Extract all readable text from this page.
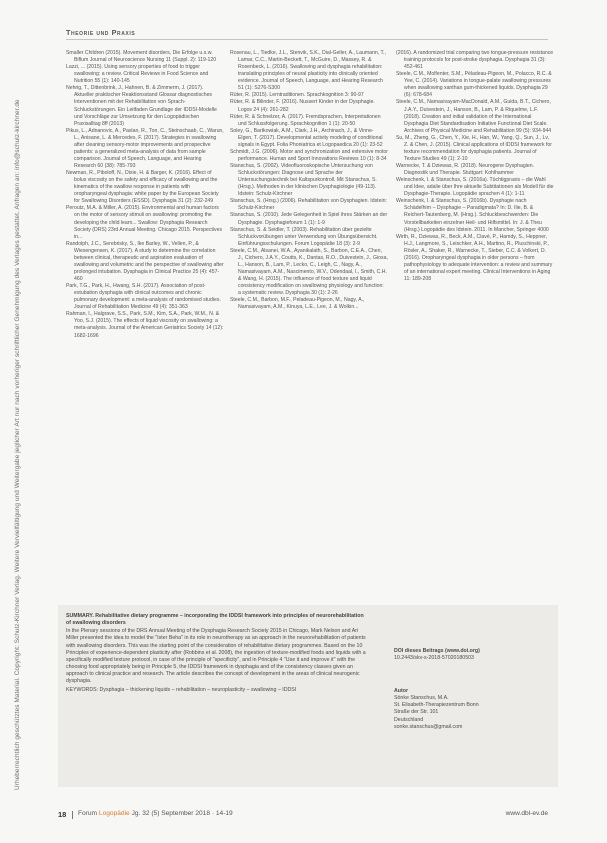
Urheberrechtlich geschütztes Material. Copyright: Schulz-Kirchner Verlag. Weitere Vervielfältigung und Weitergabe jeglicher Art nur nach vorheriger schriftlicher Genehmigung des Verlages gestattet. Anfragen an: info@schulz-kirchner.de
Theorie und Praxis

Smaller Children (2015). Movement disorders, Die Erfolge u.s.w. Biflum Journal of Neuroscience Nursing 11 (Suppl. 2): 119-120

Lazzi, ... (2015). Using sensory properties of food to trigger swallowing: a review. Critical Reviews in Food Science and Nutrition 55 (1): 140-145

Nehrig, T., Dittenbrink, J., Hahnen, B. & Zimmerm, J. (2017). Aktueller praktischer Reaktionsstand Glossar diagnostisches Interventionen mit der Rehabilitation von Sprach-Schluckstörungen. Ein Leitfaden Grundlage der IDDSI-Modelle und Vorschläge zur Umsetzung für den Logopädischen Praxisalltag 8ff (2013)

Pikus, L., Adnanovic, A., Paslan, R., Ton, C., Steinschaab, C., Warun, L., Anisane, L. & Mercedes, F. (2017). Strategies in swallowing after cleaning sensory-motor improvements and prospective patients: a generalized meta-analysis of data from sample comparison. Journal of Speech, Language, and Hearing Research 60 (38): 785-793

Newman, R., Piboloff, N., Dixie, H. & Barger, K. (2016). Effect of bolus viscosity on the safety and efficacy of swallowing and the kinematics of the swallow response in patients with oropharyngeal dysphagia: white paper by the European Society for Swallowing Disorders (ESSD). Dysphagia 31 (2): 232-249

Peroutz, M.A. & Miller, A. (2015). Environmental and human factors on the motor of sensory stimuli on swallowing: promoting the developing the child learn... Swallow: Dysphagia Research Society (DRS) 23rd Annual Meeting. Chicago 2015. Perspectives in...

Randolph, J.C., Serebrisky, S., Ike Barley, W., Vellen, P., & Wiesengensen, K. (2017). A study to determine the correlation between clinical, therapeutic and aspiration evaluation of swallowing and volumetric and the perspective of swallowing after prolonged intubation. Dysphagia in Clinical Practice 25 (4): 457-460

Park, T.G., Park, H., Hwang, S.H. (2017). Association of post-extubation dysphagia with clinical outcomes and chronic pulmonary development: a meta-analysis of randomised studies. Journal of Rehabilitation Medicine 49 (4): 351-363

Rahman, I., Halgrave, S.S., Park, S.M., Kim, S.A., Park, W.M., N. & Yoo, S.J. (2015). The effects of liquid viscosity on swallowing: a meta-analysis. Journal of the American Geriatrics Society 14 (12): 1682-1696

Rosenau, L., Tiedke, J.L., Stenvik, S.K., Dial-Geller, A., Laumann, T., Lamar, C.C., Martin-Beckett, T., McGuire, D., Massey, R. & Rosenbeck, L. (2016). Swallowing and dysphagia rehabilitation: translating principles of neural plasticity into clinically oriented evidence. Journal of Speech, Language, and Hearing Research 51 (1): S276-S300

Rüter, R. (2015). Lerntraditionen. Sprachkognition 3: 90-97

Rüter, R. & Bilinder, F. (2016). Nussert Kinder in der Dysphagie. Logos 24 (4): 261-282

Rüter, R. & Schnelzer, A. (2017). Fremdsprachen, Interpretationen und Schlussfolgerung. Sprachkognition 1 (1): 20-50

Soley, G., Bartkowiak, A.M., Clark, J.H., Archinach, J., & Vinne-Elgen, T. (2017). Developmental activity modeling of conditional signals in Egypt. Folia Phoniatrica et Logopaedica 20 (1): 23-52

Schmidt, J.G. (2006). Motor and synchronization and extensive motor performance. Human and Sport Innovations Reviews 10 (1): 8-34

Stanschus, S. (2002). Videofluoroskopische Untersuchung von Schluckstörungen: Diagnose und Sprache der Untersuchungstechnik bei Kaltspurkontroll. Mit Stanschus, S. (Hrsg.). Methoden in der klinischen Dysphagiologie (49-113). Idstein: Schulz-Kirchner

Stanschus, S. (Hrsg.) (2006). Rehabilitation von Dysphagien. Idstein: Schulz-Kirchner

Stanschus, S. (2010). Jede Gelegenheit in Spiel ihres Stärken an der Dysphagie. Dysphagieforum 1 (1): 1-9

Stanschus, S. & Seidler, T. (2003). Rehabilitation über gezielte Schluckvorübungen unter Verwendung von Übungsübersicht. Einführungsschulungen. Forum Logopädie 18 (3): 2-9

Steele, C.M., Alsanei, W.A., Ayanikalath, S., Barbon, C.E.A., Chen, J., Cichero, J.A.Y., Coutts, K., Dantas, R.O., Duivestein, J., Giosa, L., Hanson, B., Lam, P., Lecko, C., Leigh, C., Nagy, A., Namasivayam, A.M., Nascimento, W.V., Odendaal, I., Smith, C.H. & Wang, H. (2015). The influence of food texture and liquid consistency modification on swallowing physiology and function: a systematic review. Dysphagia 30 (1): 2-26

Steele, C.M., Barbon, M.F., Peladeau-Pigeon, M., Nagy, A., Namasivayam, A.M., Kinuya, L.E., Lee, J. & Wolkin...

(2016). A randomized trial comparing two tongue-pressure resistance training protocols for post-stroke dysphagia. Dysphagia 31 (3): 452-461

Steele, C.M., Molfenter, S.M., Péladeau-Pigeon, M., Polacco, R.C. & Yee, C. (2014). Variations in tongue-palate swallowing pressures when swallowing xanthan gum-thickened liquids. Dysphagia 29 (6): 678-684

Steele, C.M., Namasivayam-MacDonald, A.M., Guida, B.T., Cichero, J.A.Y., Duivestein, J., Hanson, B., Lam, P. & Riquelme, L.F. (2018). Creation and initial validation of the International Dysphagia Diet Standardisation Initiative Functional Diet Scale. Archives of Physical Medicine and Rehabilitation 99 (5): 934-944

Su, M., Zheng, G., Chen, Y., Xie, H., Han, W., Yang, Q., Sun, J., Lv, Z. & Chen, J. (2015). Clinical applications of IDDSI framework for texture recommendation for dysphagia patients. Journal of Texture Studies 49 (1): 2-10

Warnecke, T. & Dziewas, R. (2018). Neurogene Dysphagien. Diagnostik und Therapie. Stuttgart: Kohlhammer

Weinschenk, I. & Stanschus, S. (2016a). Tüchtigpraxis – die Wahl und Idee, adalie über Ihre aktuelle Subtitationen als Modell für die Dysphagie-Therapie. Logopädie sprachen 4 (1): 1-11

Weinschenk, I. & Stanschus, S. (2016b). Dysphagie nach Schädelhirn – Dysphagie – Paradigmata? In: D. Ilie, B. & Reichert-Tautenberg, M. (Hrsg.). Schluckbeschwerden: Die Vorstellbarkeiten einzelner Heil- und Hilfsmittel. In: J. & Theu (Hrsg.) Logopädie des Idstein. 2011. In Mancher, Springer 4000

Wirth, R., Dziewas, R., Beck, A.M., Clavé, P., Hamdy, S., Heppner, H.J., Langmore, S., Leischker, A.H., Martino, R., Pluschinski, P., Rösler, A., Shaker, R., Warnecke, T., Sieber, C.C. & Volkert, D. (2016). Oropharyngeal dysphagia in older persons – from pathophysiology to adequate intervention: a review and summary of an international expert meeting. Clinical Interventions in Aging 11: 189-208

SUMMARY. Rehabilitative dietary programme – incorporating the IDDSI framework into principles of neurorehabilitation of swallowing disorders
In the Plenary sessions of the DRS Annual Meeting of the Dysphagia Research Society 2015 in Chicago, Mark Nelson and Ari Miller presented the idea to model the "Ister Beha" in its role in neurotherapy as an approach in the neurorehabilitation of patients with swallowing disorders. This was the starting point of the consideration of rehabilitative dietary programmes. Based on the 10 Principles of experience-dependent plasticity after (Robbins et al. 2008), the ingestion of texture-modified foods and liquids with a specifically modified texture protocol, in case of the principle of "specificity", and in Principle 4 "Use it and improve it" with the choosing food appropriately being in Principle 5, the IDDSI framework in dysphagia and of the consistency classes given an approach to clinical practice and research. The article describes the concept of development in the areas of clinical neurogenic dysphagia.
KEYWORDS: Dysphagia – thickening liquids – rehabilitation – neuroplasticity – swallowing – IDDSI
DOI dieses Beitrags (www.doi.org)
10.2443/skv-s-2018-57020180503
Autor
Sönke Stanschus, M.A.
St. Elisabeth-Therapiezentrum Bonn
Straße der Str. 101
Deutschland
sonke.stanschus@gmail.com
18 Forum Logopädie Jg. 32 (5) September 2018 · 14-19	www.dbl-ev.de
